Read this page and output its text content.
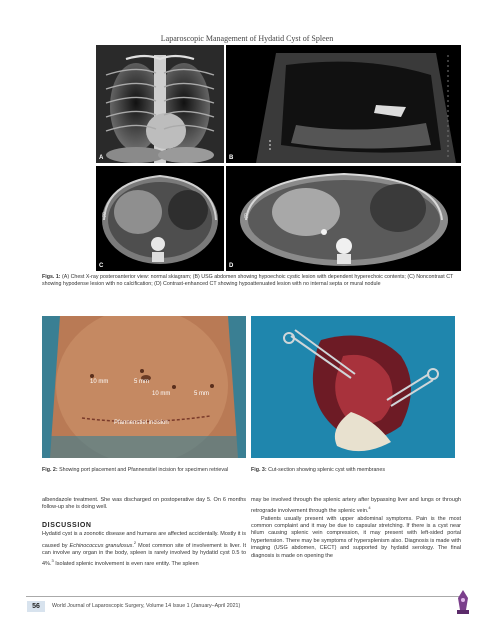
Laparoscopic Management of Hydatid Cyst of Spleen
A	B
R
C
R
D
Figs. 1: (A) Chest X-ray posteroanterior view: normal skiagram; (B) USG abdomen showing hypoechoic cystic lesion with dependent hyperechoic contents; (C) Noncontrast CT showing hypodense lesion with no calcification; (D) Contrast-enhanced CT showing hypoattenuated lesion with no internal septa or mural nodule
10 mm	5 mm
10 mm	5 mm
Pfannenstiel incision
Fig. 2: Showing port placement and Pfannenstiel incision for specimen retrieval	Fig. 3: Cut-section showing splenic cyst with membranes

albendazole treatment. She was discharged on postoperative day 5. On 6 months follow-up she is doing well.

DISCUSSION

Hydatid cyst is a zoonotic disease and humans are affected accidentally. Mostly it is caused by Echinococcus granulosus.$^2$ Most common site of involvement is liver. It can involve any organ in the body, spleen is rarely involved by hydatid cyst 0.5 to 4%.$^3$ Isolated splenic involvement is even rare entity. The spleen

may be involved through the splenic artery after bypassing liver and lungs or through retrograde involvement through the splenic vein.$^4$

Patients usually present with upper abdominal symptoms. Pain is the most common complaint and it may be due to capsular stretching. If there is a cyst near hilum causing splenic vein compression, it may present with left-sided portal hypertension. There may be symptoms of hypersplenism also. Diagnosis is made with imaging (USG abdomen, CECT) and supported by hydatid serology. The final diagnosis is made on opening the

56	World Journal of Laparoscopic Surgery, Volume 14 Issue 1 (January–April 2021)
